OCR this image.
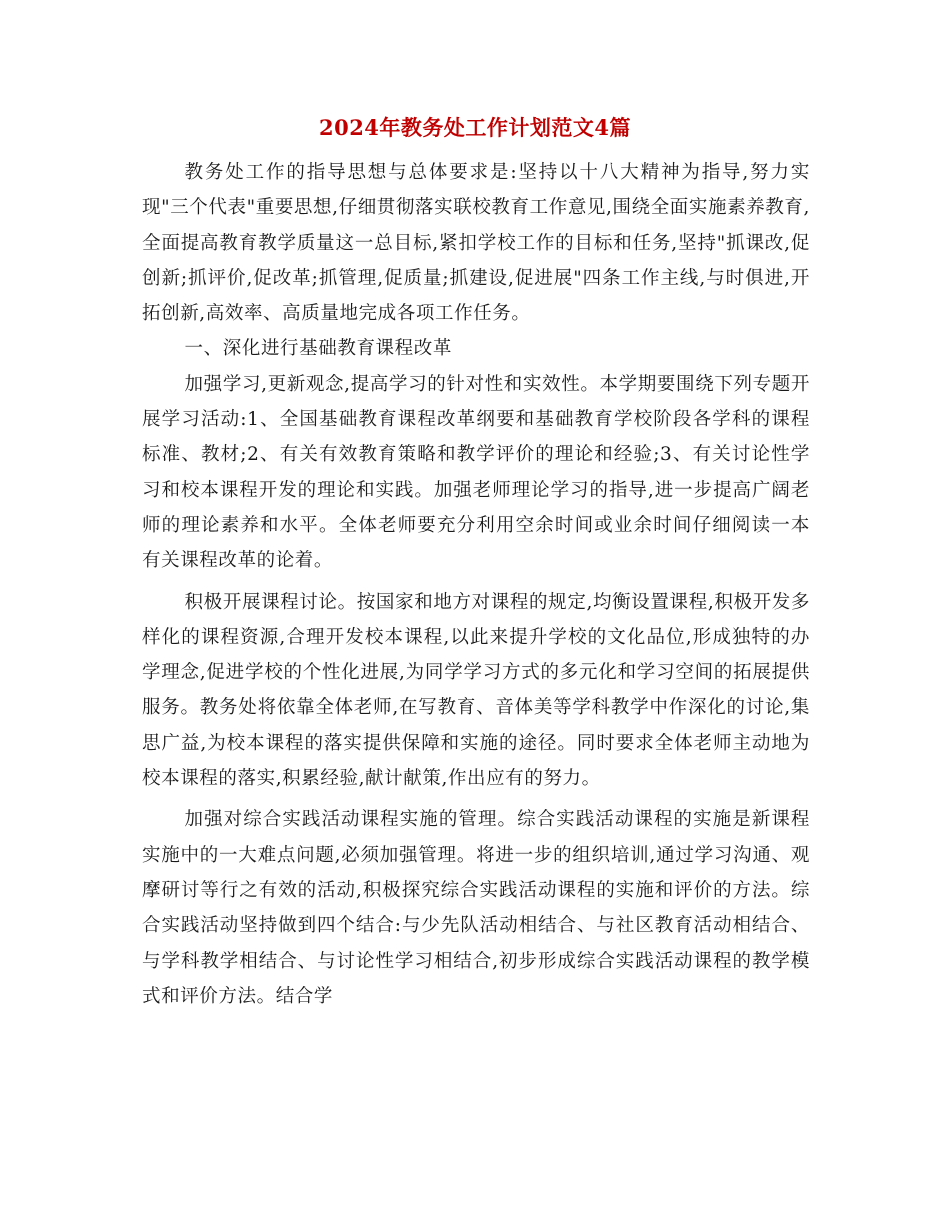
2024年教务处工作计划范文4篇

教务处工作的指导思想与总体要求是:坚持以十八大精神为指导,努力实现"三个代表"重要思想,仔细贯彻落实联校教育工作意见,围绕全面实施素养教育,全面提高教育教学质量这一总目标,紧扣学校工作的目标和任务,坚持"抓课改,促创新;抓评价,促改革;抓管理,促质量;抓建设,促进展"四条工作主线,与时俱进,开拓创新,高效率、高质量地完成各项工作任务。

一、深化进行基础教育课程改革

加强学习,更新观念,提高学习的针对性和实效性。本学期要围绕下列专题开展学习活动:1、全国基础教育课程改革纲要和基础教育学校阶段各学科的课程标准、教材;2、有关有效教育策略和教学评价的理论和经验;3、有关讨论性学习和校本课程开发的理论和实践。加强老师理论学习的指导,进一步提高广阔老师的理论素养和水平。全体老师要充分利用空余时间或业余时间仔细阅读一本有关课程改革的论着。

积极开展课程讨论。按国家和地方对课程的规定,均衡设置课程,积极开发多样化的课程资源,合理开发校本课程,以此来提升学校的文化品位,形成独特的办学理念,促进学校的个性化进展,为同学学习方式的多元化和学习空间的拓展提供服务。教务处将依靠全体老师,在写教育、音体美等学科教学中作深化的讨论,集思广益,为校本课程的落实提供保障和实施的途径。同时要求全体老师主动地为校本课程的落实,积累经验,献计献策,作出应有的努力。

加强对综合实践活动课程实施的管理。综合实践活动课程的实施是新课程实施中的一大难点问题,必须加强管理。将进一步的组织培训,通过学习沟通、观摩研讨等行之有效的活动,积极探究综合实践活动课程的实施和评价的方法。综合实践活动坚持做到四个结合:与少先队活动相结合、与社区教育活动相结合、与学科教学相结合、与讨论性学习相结合,初步形成综合实践活动课程的教学模式和评价方法。结合学
